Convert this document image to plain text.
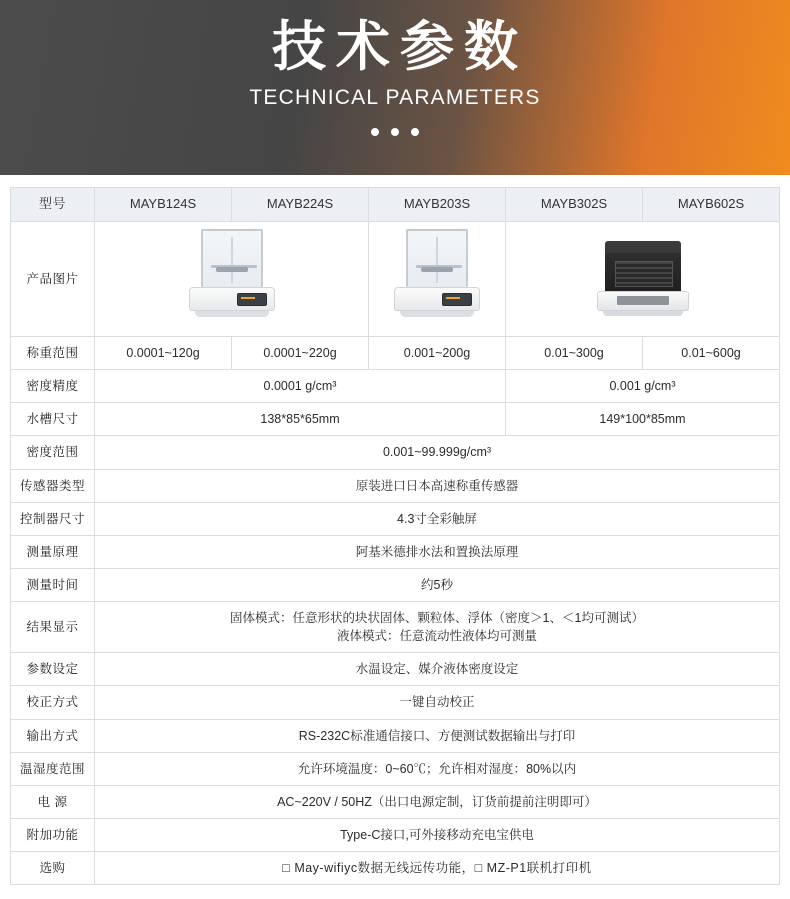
技术参数
TECHNICAL PARAMETERS
型号	MAYB124S	MAYB224S	MAYB203S	MAYB302S	MAYB602S
产品图片			

称重范围	0.0001~120g	0.0001~220g	0.001~200g	0.01~300g	0.01~600g
密度精度	0.0001 g/cm³			0.001 g/cm³	
水槽尺寸	138*85*65mm			149*100*85mm	
密度范围	0.001~99.999g/cm³				
传感器类型	原装进口日本高速称重传感器				
控制器尺寸	4.3寸全彩触屏				
测量原理	阿基米德排水法和置换法原理				
测量时间	约5秒				
结果显示	固体模式：任意形状的块状固体、颗粒体、浮体（密度＞1、＜1均可测试）
液体模式：任意流动性液体均可测量				

参数设定	水温设定、媒介液体密度设定				
校正方式	一键自动校正				
输出方式	RS-232C标准通信接口、方便测试数据输出与打印				
温湿度范围	允许环境温度：0~60℃；允许相对湿度：80%以内				
电 源	AC~220V / 50HZ（出口电源定制，订货前提前注明即可）				
附加功能	Type-C接口,可外接移动充电宝供电				
选购	□ May-wifiyc数据无线远传功能，□ MZ-P1联机打印机				
